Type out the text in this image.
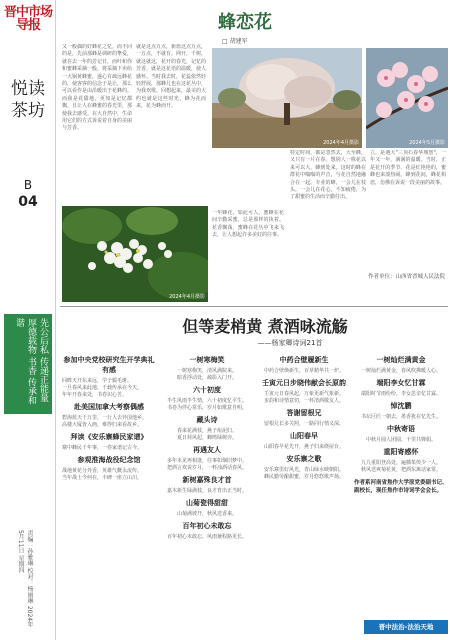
晋中市场导报
悦读茶坊
B
04
先公后私 传递正能量 厚德载物 书香 传承和谐
责编：孙雅琳 校对：杨丽琳 2024年5月11日 星期四
蜂恋花
□ 胡建军
又一般偶的好蜂花之忆，而不同的是，先前那蜂是调研的挚爱，就在去一年的芳记日，而叶和你和蜜蜂采摘一般，将采摘下卖给一大锅黄蜂蜜，遂心有疏远蜂花的，使客客的信念于是让，那么可以看作是由沿暖出于花蜂的。而我是花甜地，更如是记忆都飘，且让人在蜂蜜的春光里，那使我去感受。在大自然中，生命用它们的方式诉说着自身的美丽与芳香。
就是这点万点，新蓝这点万点，一万点，不就有。网开，千树，就这就这，花开的春光，记忆的芳香。就是这花语的温暖，使人感怀。当时我去时，花蕊依然轻轻舒展，那蜂儿也在这花丛中，为我欢歌。回想起来，最美的大约也就是这些时光，蜂为花而来，花为蜂而开。
2024年4月摄影
2024年4月摄影	2024年5月摄影
一年蜂花，如此可人，蜜蜂在花间辛勤采蜜，总是那样的执着。花香飘荡，蜜蜂在花丛中飞来飞去，让人想起许多美好的往事。
特定时间，都是忽然式，大至蜂，又只有一片在春。想别人一株花以来可以大，蜂到处来。这时的蜂在群花中嗡嗡的声音，与花自然地融合在一起。专业的蜂，一会儿在枝头，一会儿在花心，不知疲倦，为了甜蜜的生活而辛勤付出。
立，是遇大"三顶石春华城堡"，一年又一年，满满的温暖。当时，正是花开的季节，花是红艳艳的，蜜蜂也来凑热闹。蜂到花间，蜂花相恋，仿佛在诉说一段美丽的故事。
作者单位：山西省晋城人民法院
但等麦梢黄 煮酒咏流觞
——杨家卿诗词21首
参加中央党校研究生开学典礼有感
回眸天开东来远，学子鬓毛斑。
一旦春风来此地，千载传承在今天。
年年开春来处，书卷识心苦。
赴美国加拿大考察偶感
碧海蓝天千万里，一行人去异国他乡。
高楼大厦皆入画，难得归来看故乡。
拜读《安乐寨蜂民家谱》
寨中蜂民千年事，一卷家谱记古今。
参观淮海战役纪念馆
战地黄花分外香，英雄气概永流传。
当年战士今何在，丰碑一座立山川。
一树寒梅笑
一树寒梅笑，清风满院来。
暗香浮动处，疏影入门开。
六十初度
半生风雨半生情，六十初度忆平生。
书卷为伴心常乐，岁月如歌意自明。
藏头诗
春来花满枝，燕子衔泥归。
夏日荷风起，蝉鸣绿树旁。
再遇友人
多年未见再相逢，往事如烟旧梦中。
把酒言欢说岁月，一杯浊酒话春风。
新树嘉殊良才首
嘉木新生绿满枝，良才育出正当时。
山菊瓷得甜甜
山菊满坡开，秋风送香来。
百年初心未敢忘
百年初心未敢忘，风雨兼程路更长。
中药合壁履新生
中药合壁焕新生，百草精华共一炉。
壬寅元日步晓伟献会长原韵
壬寅元日春风起，万象更新气象新。
步韵和诗情意切，一杯清酒敬友人。
答谢留根兄
留根兄长多关照，一路同行情义深。
山阳春早
山阳春早花先开，燕子归来绕屋台。
安乐寨之歌
安乐寨里好风光，青山绿水映朝阳。
蜂民勤劳酿甜蜜，岁月悠悠歌声扬。
一树灿烂满黄金
一树灿烂满黄金，春风吹拂暖人心。
端阳李女忆甘霖
端阳时节雨纷纷，李女思亲忆甘霖。
悼沈鹏
书坛巨匠一朝去，墨香犹在忆先生。
中秋寄语
中秋月圆人团圆，千里共婵娟。
重阳寄感怀
九九重阳登高处，遍插茱萸少一人。
秋风送爽菊花黄，把酒东篱话家常。
作者系河南省焦作大学原党委副书记、副校长，现任焦作市诗词学会会长。
晋中法治-法治天地
